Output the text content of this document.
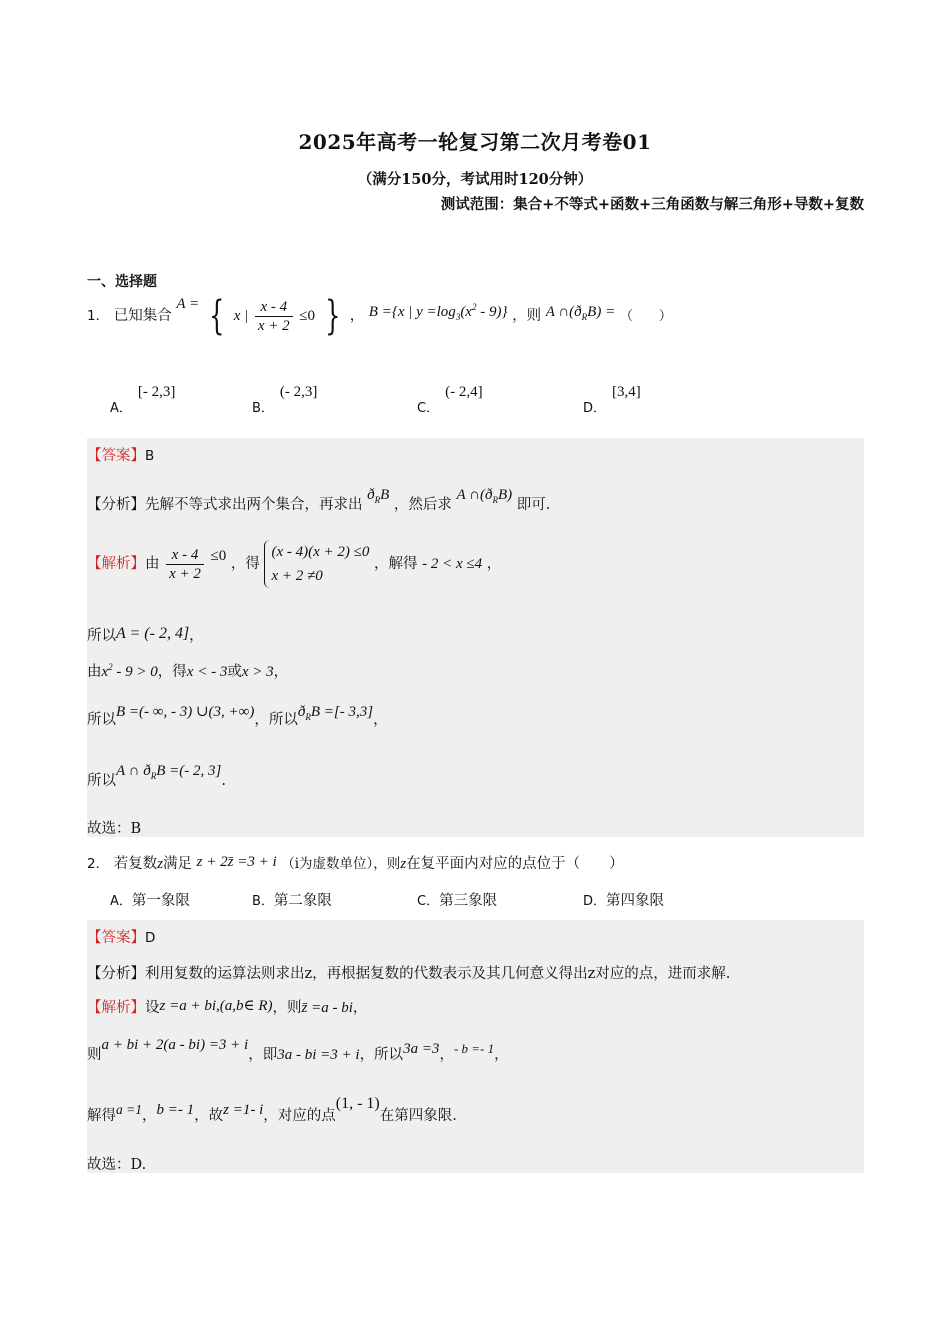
2025年高考一轮复习第二次月考卷01
（满分150分，考试用时120分钟）
测试范围：集合+不等式+函数+三角函数与解三角形+导数+复数
一、选择题
1． 已知集合 A = { x | $\frac{x - 4}{x + 2} \le 0$ } ， B ={x | $y =\log_3(x^2 - 9)$} ，则 A $\cap(ð_RB)$ = （　　）
A．[- 2,3]
B．(- 2,3]
C．(- 2,4]
D．[3,4]
【答案】B
【分析】先解不等式求出两个集合，再求出 $ð_RB$ ，然后求 A $\cap(ð_RB)$ 即可.
【解析】由 $\frac{x - 4}{x + 2} \le 0$ ，得
(x - 4)(x + 2) ≤0
x + 2 ≠0
，解得 - 2 < x ≤4 ，
所以A = (- 2, 4]，
由$x^2 - 9 > 0$，得x < - 3或x > 3，
所以B =(- ∞, - 3) ∪(3, +∞)，所以$ð_RB$ =[- 3,3]，
所以A ∩ $ð_RB$ =(- 2, 3].
故选：B
2． 若复数z满足 z + 2z̄ =3 + i （i为虚数单位），则z在复平面内对应的点位于（　　）
A．第一象限	B．第二象限	C．第三象限	D．第四象限
【答案】D
【分析】利用复数的运算法则求出z，再根据复数的代数表示及其几何意义得出z对应的点，进而求解.
【解析】设z =a + bi,(a,b∈ R)，则z̄ =a - bi，
则a + bi + 2(a - bi) =3 + i，即3a - bi =3 + i，所以3a =3，- b =- 1，
解得a =1，b =- 1，故z =1- i，对应的点(1, - 1)在第四象限.
故选：D.
